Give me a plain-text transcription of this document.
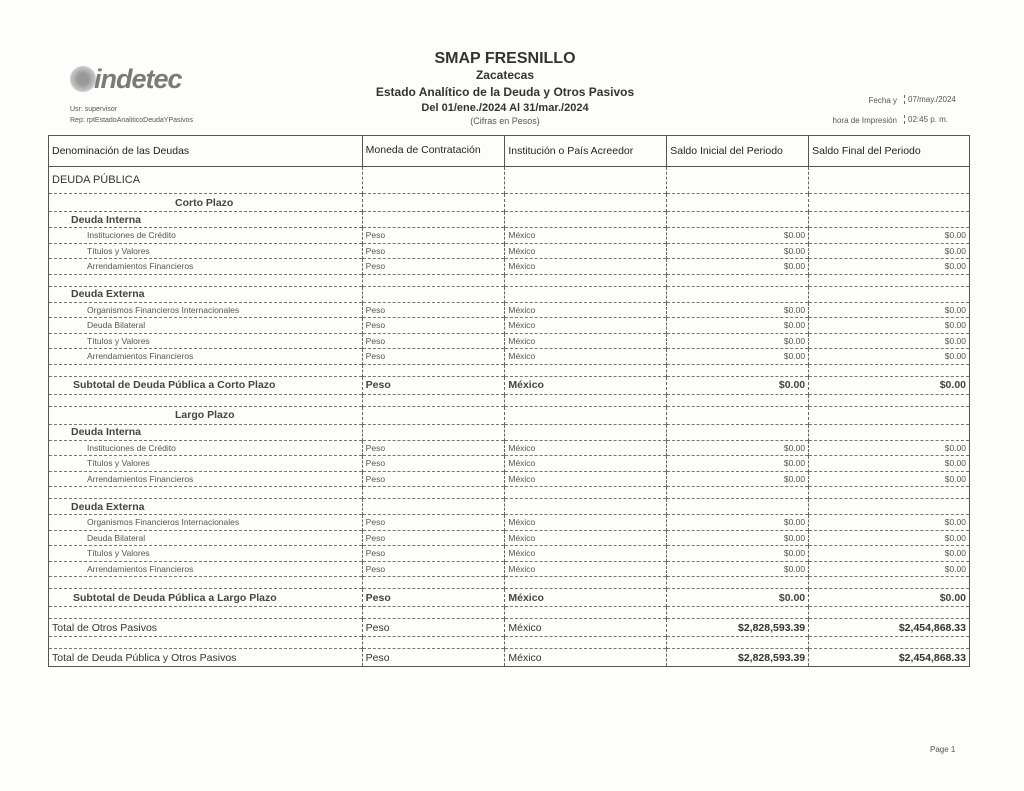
indetec
Usr: supervisor
Rep: rptEstadoAnaliticoDeudaYPasivos
SMAP FRESNILLO
Zacatecas
Estado Analítico de la Deuda y Otros Pasivos
Del 01/ene./2024 Al 31/mar./2024
(Cifras en Pesos)
Fecha y	07/may./2024
hora de Impresión	02:45 p. m.
Denominación de las Deudas	Moneda de Contratación	Institución o País Acreedor	Saldo Inicial del Periodo	Saldo Final del Periodo
DEUDA PÚBLICA				
Corto Plazo				
Deuda Interna				
Instituciones de Crédito	Peso	México	$0.00	$0.00
Títulos y Valores	Peso	México	$0.00	$0.00
Arrendamientos Financieros	Peso	México	$0.00	$0.00

Deuda Externa				
Organismos Financieros Internacionales	Peso	México	$0.00	$0.00
Deuda Bilateral	Peso	México	$0.00	$0.00
Títulos y Valores	Peso	México	$0.00	$0.00
Arrendamientos Financieros	Peso	México	$0.00	$0.00

Subtotal de Deuda Pública a Corto Plazo	Peso	México	$0.00	$0.00

Largo Plazo				
Deuda Interna				
Instituciones de Crédito	Peso	México	$0.00	$0.00
Títulos y Valores	Peso	México	$0.00	$0.00
Arrendamientos Financieros	Peso	México	$0.00	$0.00

Deuda Externa				
Organismos Financieros Internacionales	Peso	México	$0.00	$0.00
Deuda Bilateral	Peso	México	$0.00	$0.00
Títulos y Valores	Peso	México	$0.00	$0.00
Arrendamientos Financieros	Peso	México	$0.00	$0.00

Subtotal de Deuda Pública a Largo Plazo	Peso	México	$0.00	$0.00

Total de Otros Pasivos	Peso	México	$2,828,593.39	$2,454,868.33

Total de Deuda Pública y Otros Pasivos	Peso	México	$2,828,593.39	$2,454,868.33
Page 1
